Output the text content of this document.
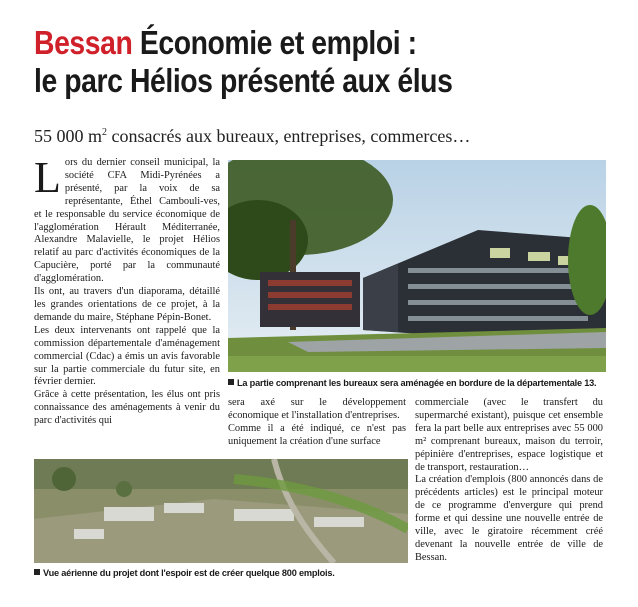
Bessan Économie et emploi :
le parc Hélios présenté aux élus
55 000 $m^2$ consacrés aux bureaux, entreprises, commerces…

Lors du dernier conseil municipal, la société CFA Midi-Pyrénées a présenté, par la voix de sa représentante, Éthel Cambouli-ves, et le responsable du service économique de l'agglomération Hérault Méditerranée, Alexandre Malavielle, le projet Hélios relatif au parc d'activités économiques de la Capucière, porté par la communauté d'agglomération.

Ils ont, au travers d'un diaporama, détaillé les grandes orientations de ce projet, à la demande du maire, Stéphane Pépin-Bonet.

Les deux intervenants ont rappelé que la commission départementale d'aménagement commercial (Cdac) a émis un avis favorable sur la partie commerciale du futur site, en février dernier.

Grâce à cette présentation, les élus ont pris connaissance des aménagements à venir du parc d'activités qui

La partie comprenant les bureaux sera aménagée en bordure de la départementale 13.

sera axé sur le développement économique et l'installation d'entreprises.

Comme il a été indiqué, ce n'est pas uniquement la création d'une surface

commerciale (avec le transfert du supermarché existant), puisque cet ensemble fera la part belle aux entreprises avec 55 000 m² comprenant bureaux, maison du terroir, pépinière d'entreprises, espace logistique et de transport, restauration…

La création d'emplois (800 annoncés dans de précédents articles) est le principal moteur de ce programme d'envergure qui prend forme et qui dessine une nouvelle entrée de ville, avec le giratoire récemment créé devenant la nouvelle entrée de ville de Bessan.

Vue aérienne du projet dont l'espoir est de créer quelque 800 emplois.
